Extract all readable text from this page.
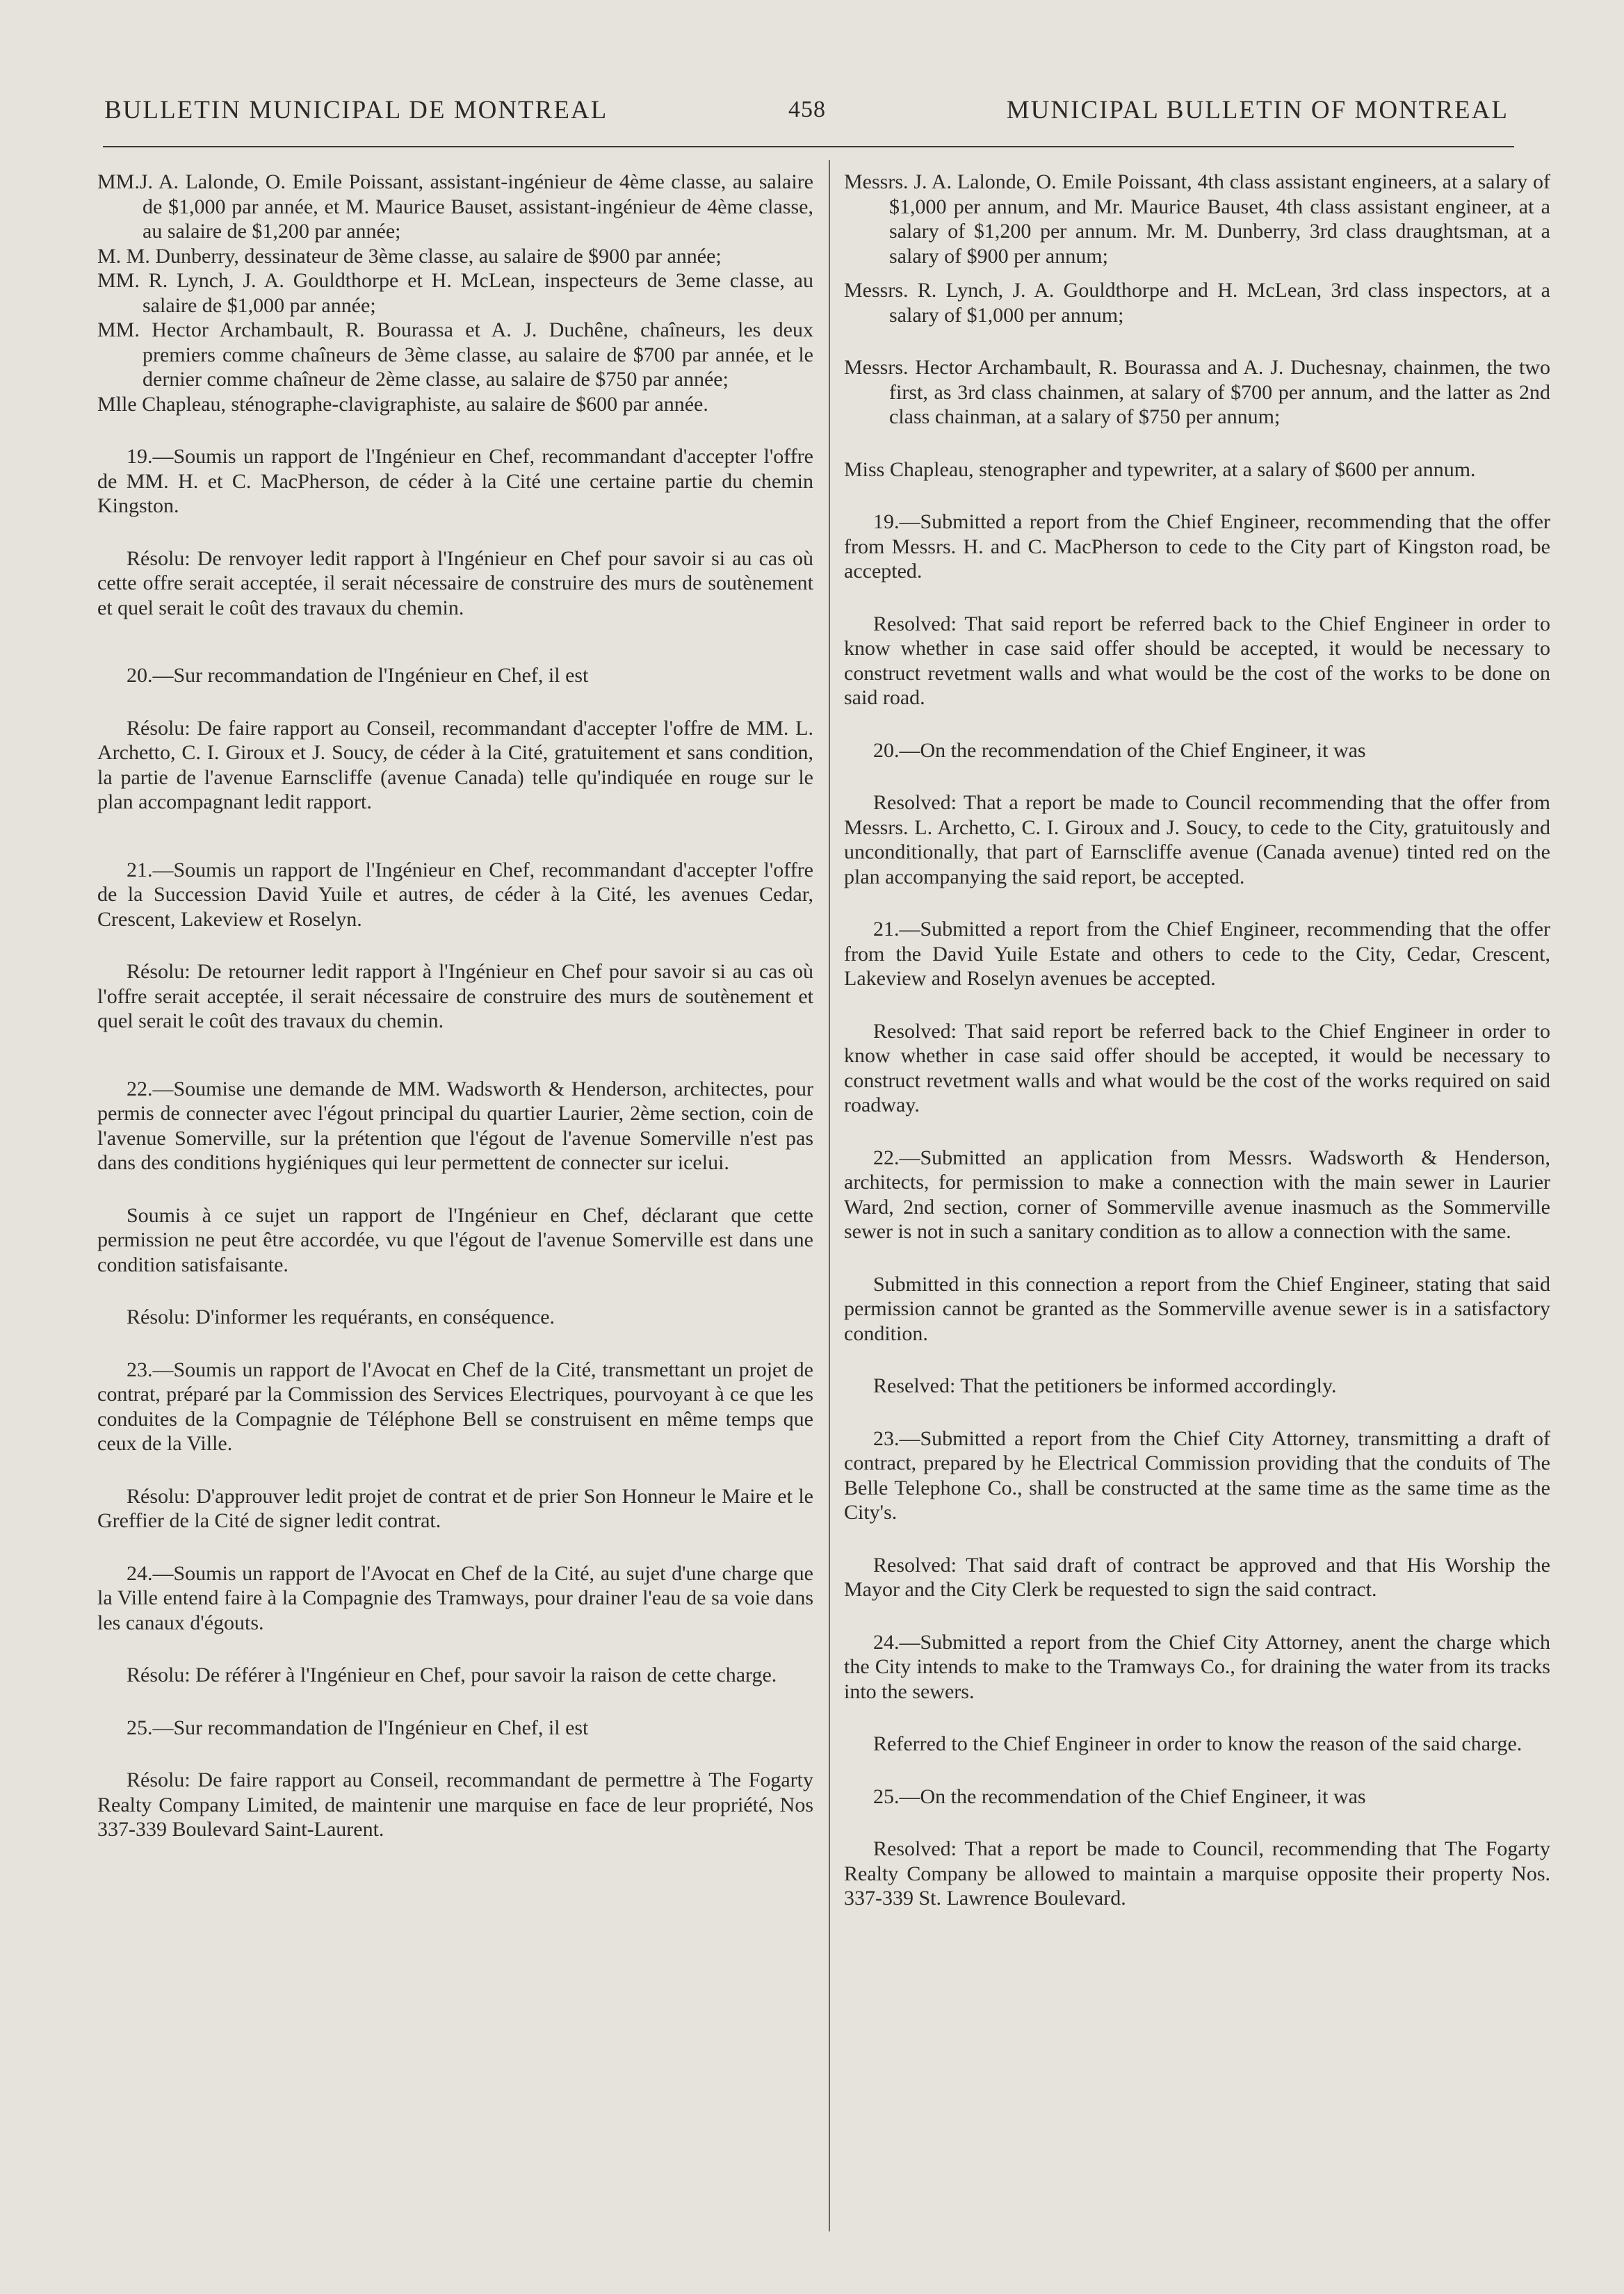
BULLETIN MUNICIPAL DE MONTREAL	458	MUNICIPAL BULLETIN OF MONTREAL

MM.J. A. Lalonde, O. Emile Poissant, assistant-ingénieur de 4ème classe, au salaire de $1,000 par année, et M. Maurice Bauset, assistant-ingénieur de 4ème classe, au salaire de $1,200 par année;

M. M. Dunberry, dessinateur de 3ème classe, au salaire de $900 par année;

MM. R. Lynch, J. A. Gouldthorpe et H. McLean, inspecteurs de 3eme classe, au salaire de $1,000 par année;

MM. Hector Archambault, R. Bourassa et A. J. Duchêne, chaîneurs, les deux premiers comme chaîneurs de 3ème classe, au salaire de $700 par année, et le dernier comme chaîneur de 2ème classe, au salaire de $750 par année;

Mlle Chapleau, sténographe-clavigraphiste, au salaire de $600 par année.

19.—Soumis un rapport de l'Ingénieur en Chef, recommandant d'accepter l'offre de MM. H. et C. MacPherson, de céder à la Cité une certaine partie du chemin Kingston.

Résolu: De renvoyer ledit rapport à l'Ingénieur en Chef pour savoir si au cas où cette offre serait acceptée, il serait nécessaire de construire des murs de soutènement et quel serait le coût des travaux du chemin.

20.—Sur recommandation de l'Ingénieur en Chef, il est

Résolu: De faire rapport au Conseil, recommandant d'accepter l'offre de MM. L. Archetto, C. I. Giroux et J. Soucy, de céder à la Cité, gratuitement et sans condition, la partie de l'avenue Earnscliffe (avenue Canada) telle qu'indiquée en rouge sur le plan accompagnant ledit rapport.

21.—Soumis un rapport de l'Ingénieur en Chef, recommandant d'accepter l'offre de la Succession David Yuile et autres, de céder à la Cité, les avenues Cedar, Crescent, Lakeview et Roselyn.

Résolu: De retourner ledit rapport à l'Ingénieur en Chef pour savoir si au cas où l'offre serait acceptée, il serait nécessaire de construire des murs de soutènement et quel serait le coût des travaux du chemin.

22.—Soumise une demande de MM. Wadsworth & Henderson, architectes, pour permis de connecter avec l'égout principal du quartier Laurier, 2ème section, coin de l'avenue Somerville, sur la prétention que l'égout de l'avenue Somerville n'est pas dans des conditions hygiéniques qui leur permettent de connecter sur icelui.

Soumis à ce sujet un rapport de l'Ingénieur en Chef, déclarant que cette permission ne peut être accordée, vu que l'égout de l'avenue Somerville est dans une condition satisfaisante.

Résolu: D'informer les requérants, en conséquence.

23.—Soumis un rapport de l'Avocat en Chef de la Cité, transmettant un projet de contrat, préparé par la Commission des Services Electriques, pourvoyant à ce que les conduites de la Compagnie de Téléphone Bell se construisent en même temps que ceux de la Ville.

Résolu: D'approuver ledit projet de contrat et de prier Son Honneur le Maire et le Greffier de la Cité de signer ledit contrat.

24.—Soumis un rapport de l'Avocat en Chef de la Cité, au sujet d'une charge que la Ville entend faire à la Compagnie des Tramways, pour drainer l'eau de sa voie dans les canaux d'égouts.

Résolu: De référer à l'Ingénieur en Chef, pour savoir la raison de cette charge.

25.—Sur recommandation de l'Ingénieur en Chef, il est

Résolu: De faire rapport au Conseil, recommandant de permettre à The Fogarty Realty Company Limited, de maintenir une marquise en face de leur propriété, Nos 337-339 Boulevard Saint-Laurent.

Messrs. J. A. Lalonde, O. Emile Poissant, 4th class assistant engineers, at a salary of $1,000 per annum, and Mr. Maurice Bauset, 4th class assistant engineer, at a salary of $1,200 per annum. Mr. M. Dunberry, 3rd class draughtsman, at a salary of $900 per annum;

Messrs. R. Lynch, J. A. Gouldthorpe and H. McLean, 3rd class inspectors, at a salary of $1,000 per annum;

Messrs. Hector Archambault, R. Bourassa and A. J. Duchesnay, chainmen, the two first, as 3rd class chainmen, at salary of $700 per annum, and the latter as 2nd class chainman, at a salary of $750 per annum;

Miss Chapleau, stenographer and typewriter, at a salary of $600 per annum.

19.—Submitted a report from the Chief Engineer, recommending that the offer from Messrs. H. and C. MacPherson to cede to the City part of Kingston road, be accepted.

Resolved: That said report be referred back to the Chief Engineer in order to know whether in case said offer should be accepted, it would be necessary to construct revetment walls and what would be the cost of the works to be done on said road.

20.—On the recommendation of the Chief Engineer, it was

Resolved: That a report be made to Council recommending that the offer from Messrs. L. Archetto, C. I. Giroux and J. Soucy, to cede to the City, gratuitously and unconditionally, that part of Earnscliffe avenue (Canada avenue) tinted red on the plan accompanying the said report, be accepted.

21.—Submitted a report from the Chief Engineer, recommending that the offer from the David Yuile Estate and others to cede to the City, Cedar, Crescent, Lakeview and Roselyn avenues be accepted.

Resolved: That said report be referred back to the Chief Engineer in order to know whether in case said offer should be accepted, it would be necessary to construct revetment walls and what would be the cost of the works required on said roadway.

22.—Submitted an application from Messrs. Wadsworth & Henderson, architects, for permission to make a connection with the main sewer in Laurier Ward, 2nd section, corner of Sommerville avenue inasmuch as the Sommerville sewer is not in such a sanitary condition as to allow a connection with the same.

Submitted in this connection a report from the Chief Engineer, stating that said permission cannot be granted as the Sommerville avenue sewer is in a satisfactory condition.

Reselved: That the petitioners be informed accordingly.

23.—Submitted a report from the Chief City Attorney, transmitting a draft of contract, prepared by he Electrical Commission providing that the conduits of The Belle Telephone Co., shall be constructed at the same time as the same time as the City's.

Resolved: That said draft of contract be approved and that His Worship the Mayor and the City Clerk be requested to sign the said contract.

24.—Submitted a report from the Chief City Attorney, anent the charge which the City intends to make to the Tramways Co., for draining the water from its tracks into the sewers.

Referred to the Chief Engineer in order to know the reason of the said charge.

25.—On the recommendation of the Chief Engineer, it was

Resolved: That a report be made to Council, recommending that The Fogarty Realty Company be allowed to maintain a marquise opposite their property Nos. 337-339 St. Lawrence Boulevard.
